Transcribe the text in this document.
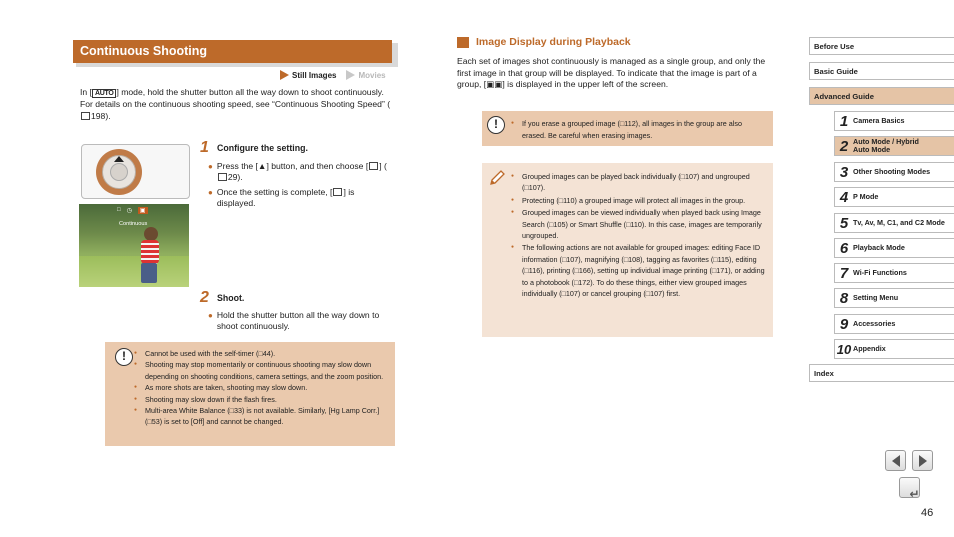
Continuous Shooting
Still Images	Movies
In [ AUTO ] mode, hold the shutter button all the way down to shoot continuously.
For details on the continuous shooting speed, see “Continuous Shooting Speed” (198).
□ ◷	▣
Continuous
1 Configure the setting.
● Press the [▲] button, and then choose [ ] (29).
● Once the setting is complete, [ ] is displayed.
2 Shoot.
● Hold the shutter button all the way down to shoot continuously.
!	● Cannot be used with the self-timer (□44).
● Shooting may stop momentarily or continuous shooting may slow down depending on shooting conditions, camera settings, and the zoom position.
● As more shots are taken, shooting may slow down.
● Shooting may slow down if the flash fires.
● Multi-area White Balance (□33) is not available. Similarly, [Hg Lamp Corr.] (□53) is set to [Off] and cannot be changed.
Image Display during Playback
Each set of images shot continuously is managed as a single group, and only the first image in that group will be displayed. To indicate that the image is part of a group, [▣▣] is displayed in the upper left of the screen.
!	● If you erase a grouped image (□112), all images in the group are also erased. Be careful when erasing images.
● Grouped images can be played back individually (□107) and ungrouped (□107).
● Protecting (□110) a grouped image will protect all images in the group.
● Grouped images can be viewed individually when played back using Image Search (□105) or Smart Shuffle (□110). In this case, images are temporarily ungrouped.
● The following actions are not available for grouped images: editing Face ID information (□107), magnifying (□108), tagging as favorites (□115), editing (□116), printing (□166), setting up individual image printing (□171), or adding to a photobook (□172). To do these things, either view grouped images individually (□107) or cancel grouping (□107) first.
Before Use
Basic Guide
Advanced Guide
1 Camera Basics
2 Auto Mode / Hybrid Auto Mode
3 Other Shooting Modes
4 P Mode
5 Tv, Av, M, C1, and C2 Mode
6 Playback Mode
7 Wi-Fi Functions
8 Setting Menu
9 Accessories
10 Appendix
Index
↵
46
